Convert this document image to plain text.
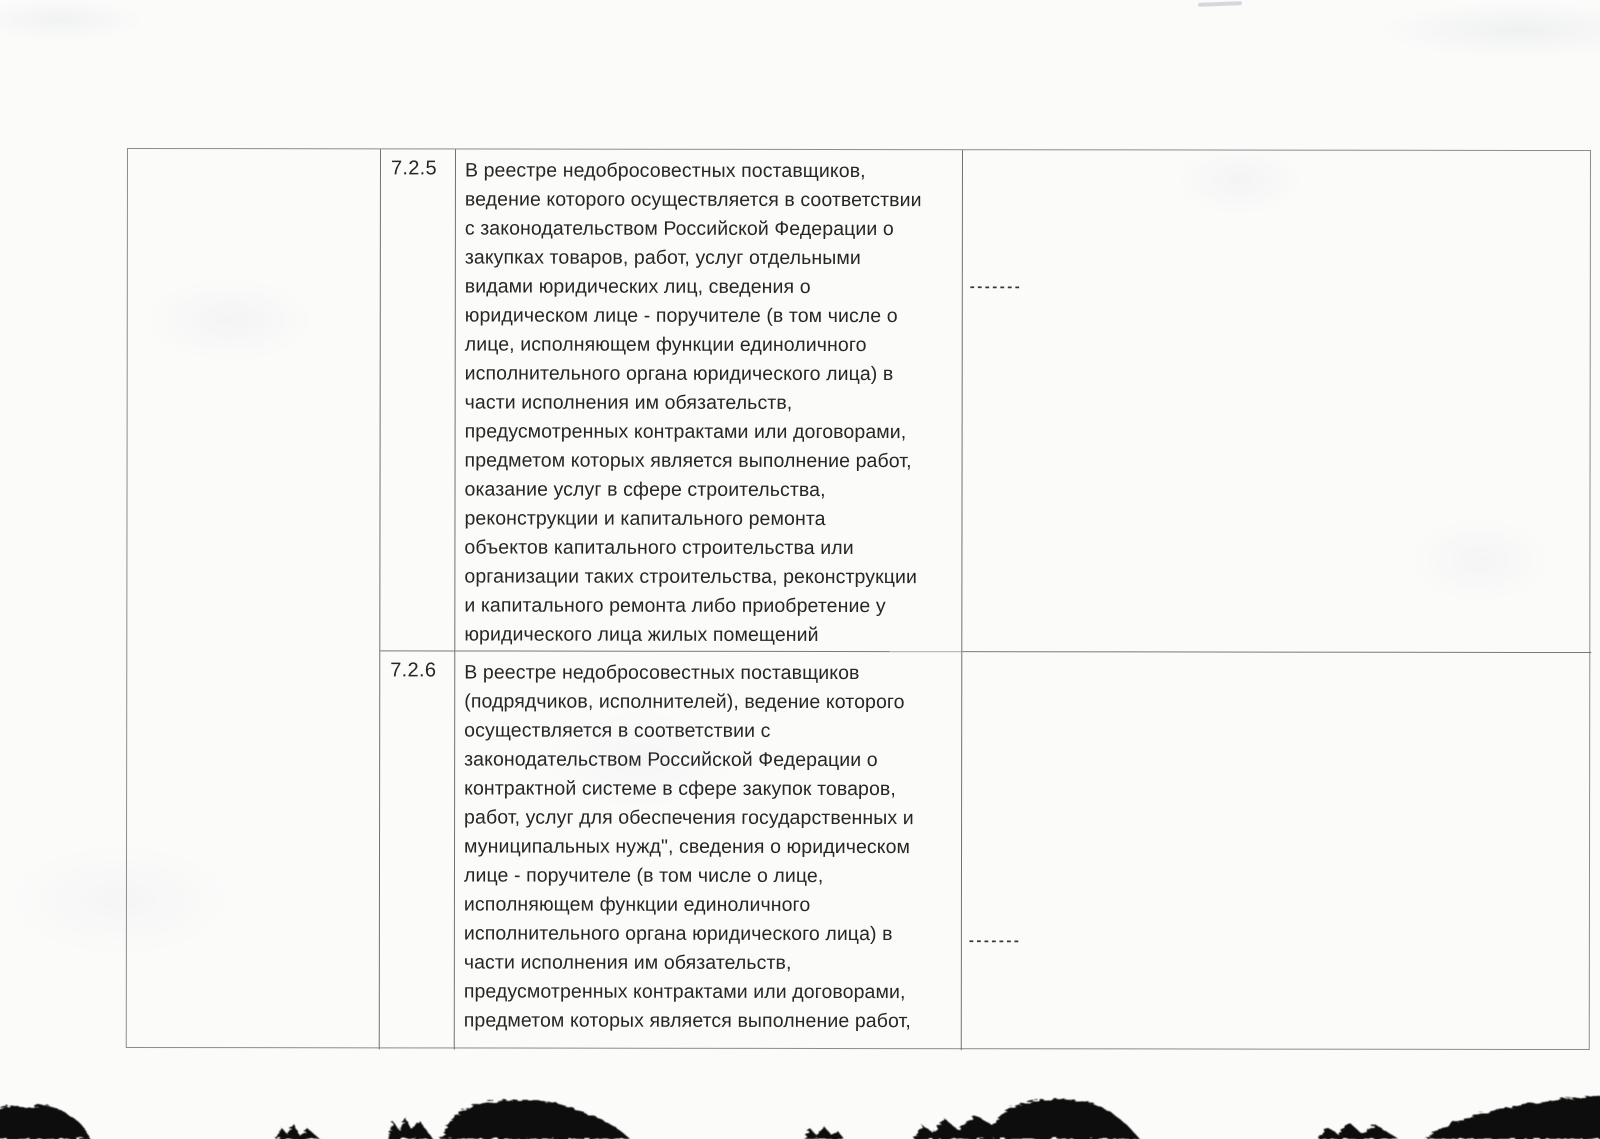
7.2.5	В реестре недобросовестных поставщиков,
ведение которого осуществляется в соответствии
с законодательством Российской Федерации о
закупках товаров, работ, услуг отдельными
видами юридических лиц, сведения о
юридическом лице - поручителе (в том числе о
лице, исполняющем функции единоличного
исполнительного органа юридического лица) в
части исполнения им обязательств,
предусмотренных контрактами или договорами,
предметом которых является выполнение работ,
оказание услуг в сфере строительства,
реконструкции и капитального ремонта
объектов капитального строительства или
организации таких строительства, реконструкции
и капитального ремонта либо приобретение у
юридического лица жилых помещений
-------
7.2.6	В реестре недобросовестных поставщиков
(подрядчиков, исполнителей), ведение которого
осуществляется в соответствии с
законодательством Российской Федерации о
контрактной системе в сфере закупок товаров,
работ, услуг для обеспечения государственных и
муниципальных нужд", сведения о юридическом
лице - поручителе (в том числе о лице,
исполняющем функции единоличного
исполнительного органа юридического лица) в
части исполнения им обязательств,
предусмотренных контрактами или договорами,
предметом которых является выполнение работ,
-------
